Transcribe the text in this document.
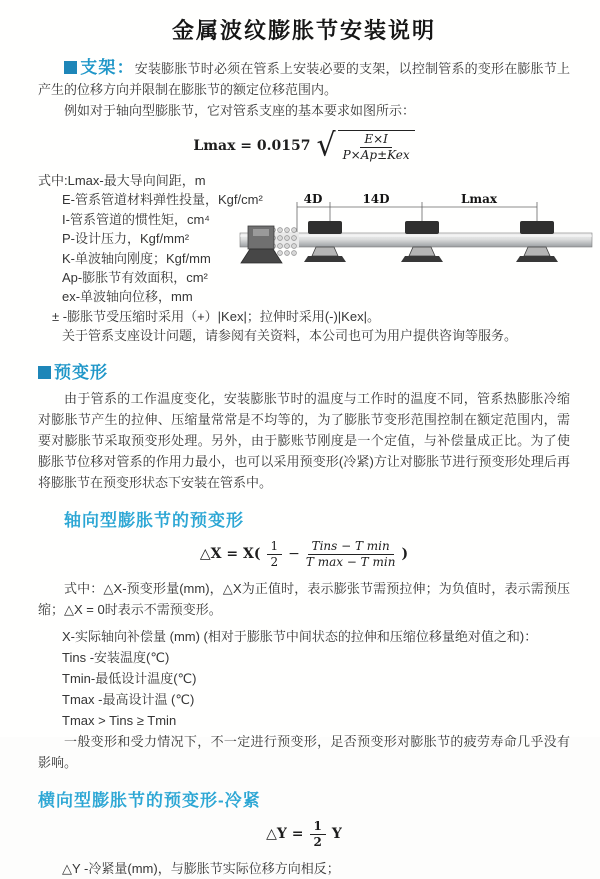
金属波纹膨胀节安装说明

支架：安装膨胀节时必须在管系上安装必要的支架，以控制管系的变形在膨胀节上产生的位移方向并限制在膨胀节的额定位移范围内。

例如对于轴向型膨胀节，它对管系支座的基本要求如图所示：

Lmax = 0.0157 √ $\frac{E\times I}{\text{P×Ap±Kex}}$
式中:Lmax-最大导向间距，m
E-管系管道材料弹性投量，Kgf/cm²
I-管系管道的惯性矩，cm⁴
P-设计压力，Kgf/mm²
K-单波轴向刚度；Kgf/mm
Ap-膨胀节有效面积，cm²
ex-单波轴向位移，mm
± -膨胀节受压缩时采用（+）|Kex|；拉伸时采用(-)|Kex|。
关于管系支座设计问题，请参阅有关资料，本公司也可为用户提供咨询等服务。
预变形

由于管系的工作温度变化，安装膨胀节时的温度与工作时的温度不同，管系热膨胀冷缩对膨胀节产生的拉伸、压缩量常常是不均等的，为了膨胀节变形范围控制在额定范围内，需要对膨胀节采取预变形处理。另外，由于膨账节刚度是一个定值，与补偿量成正比。为了使膨胀节位移对管系的作用力最小，也可以采用预变形(冷紧)方让对膨胀节进行预变形处理后再将膨胀节在预变形状态下安装在管系中。

轴向型膨胀节的预变形
△X = $X( \frac{1}{2} - \frac{\text{Tins − T min}}{\text{T max − T min}}$ )

式中：△X-预变形量(mm)，△X为正值时，表示膨张节需预拉伸；为负值时，表示需预压缩；△X = 0时表示不需预变形。

X-实际轴向补偿量 (mm) (相对于膨胀节中间状态的拉伸和压缩位移量绝对值之和)：
Tins -安装温度(℃)
Tmin-最低设计温度(℃)
Tmax -最高设计温 (℃)
Tmax > Tins ≥ Tmin

一般变形和受力情况下，不一定进行预变形，足否预变形对膨胀节的疲劳寿命几乎没有影响。

横向型膨胀节的预变形-冷紧
△Y = $\frac{1}{2}$ Y
△Y -冷紧量(mm)，与膨胀节实际位移方向相反；
4D	14D	Lmax
